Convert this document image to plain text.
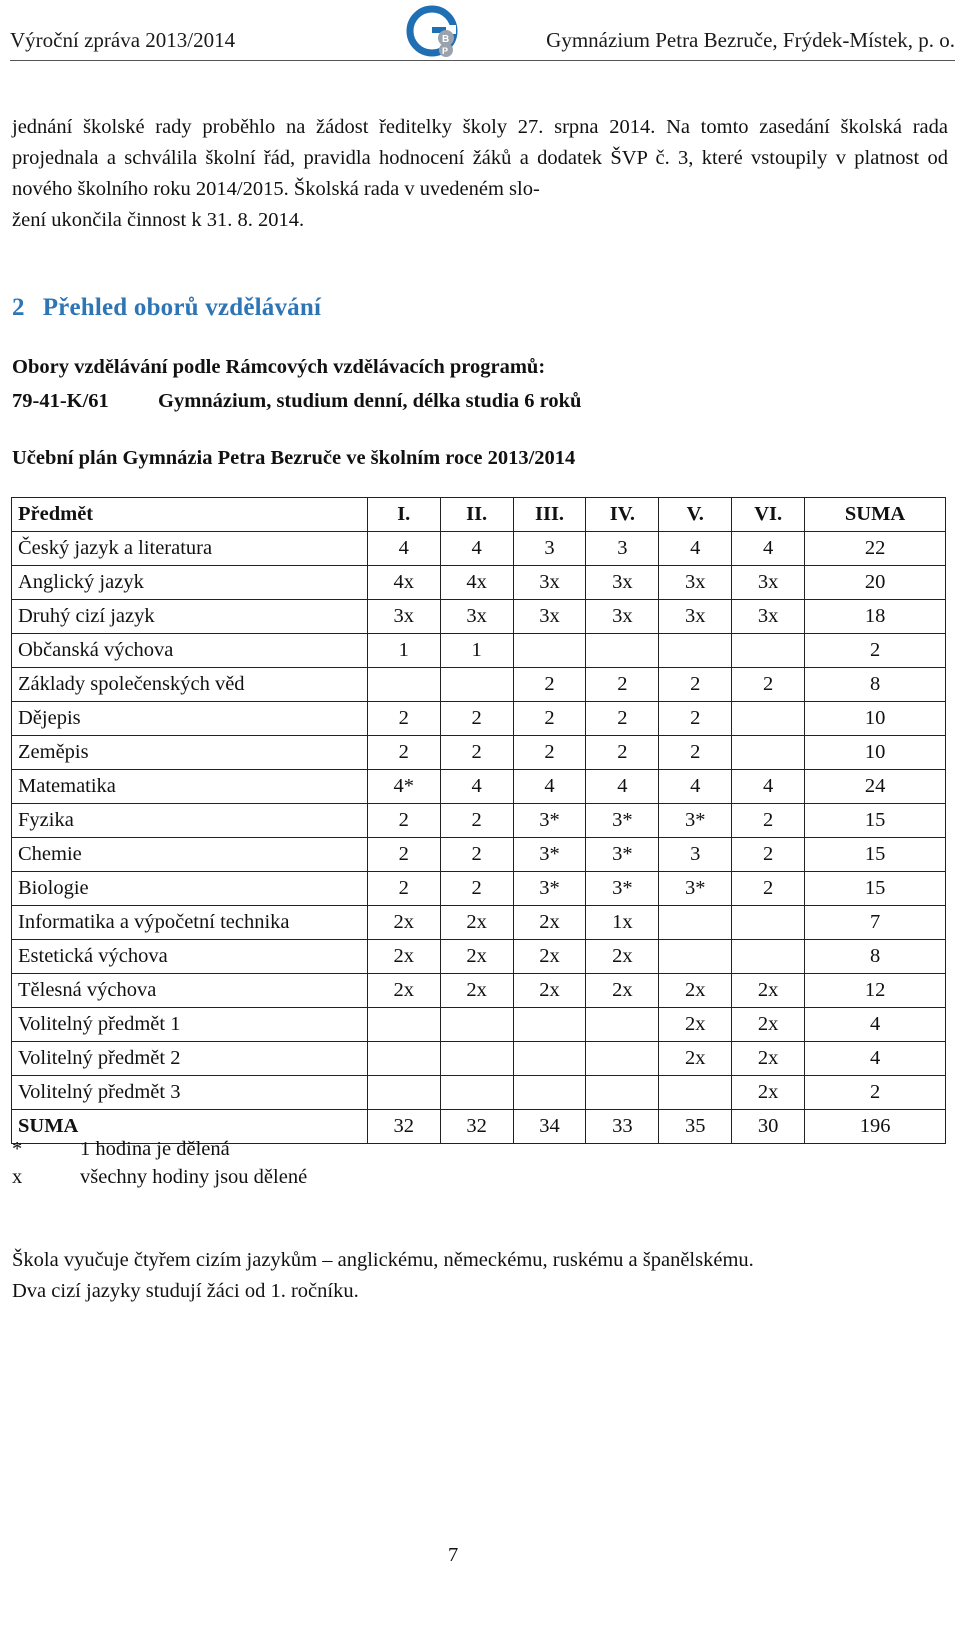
Výroční zpráva 2013/2014	B
P	Gymnázium Petra Bezruče, Frýdek-Místek, p. o.

jednání školské rady proběhlo na žádost ředitelky školy 27. srpna 2014. Na tomto zasedání školská rada projednala a schválila školní řád, pravidla hodnocení žáků a dodatek ŠVP č. 3, které vstoupily v platnost od nového školního roku 2014/2015. Školská rada v uvedeném slo-
žení ukončila činnost k 31. 8. 2014.

2 Přehled oborů vzdělávání

Obory vzdělávání podle Rámcových vzdělávacích programů:

79-41-K/61 Gymnázium, studium denní, délka studia 6 roků

Učební plán Gymnázia Petra Bezruče ve školním roce 2013/2014

Předmět	I.	II.	III.	IV.	V.	VI.	SUMA
Český jazyk a literatura	4	4	3	3	4	4	22
Anglický jazyk	4x	4x	3x	3x	3x	3x	20
Druhý cizí jazyk	3x	3x	3x	3x	3x	3x	18
Občanská výchova	1	1					2
Základy společenských věd			2	2	2	2	8
Dějepis	2	2	2	2	2		10
Zeměpis	2	2	2	2	2		10
Matematika	4*	4	4	4	4	4	24
Fyzika	2	2	3*	3*	3*	2	15
Chemie	2	2	3*	3*	3	2	15
Biologie	2	2	3*	3*	3*	2	15
Informatika a výpočetní technika	2x	2x	2x	1x			7
Estetická výchova	2x	2x	2x	2x			8
Tělesná výchova	2x	2x	2x	2x	2x	2x	12
Volitelný předmět 1					2x	2x	4
Volitelný předmět 2					2x	2x	4
Volitelný předmět 3						2x	2
SUMA	32	32	34	33	35	30	196

*	1 hodina je dělená

x	všechny hodiny jsou dělené

Škola vyučuje čtyřem cizím jazykům – anglickému, německému, ruskému a španělskému.
Dva cizí jazyky studují žáci od 1. ročníku.

7
